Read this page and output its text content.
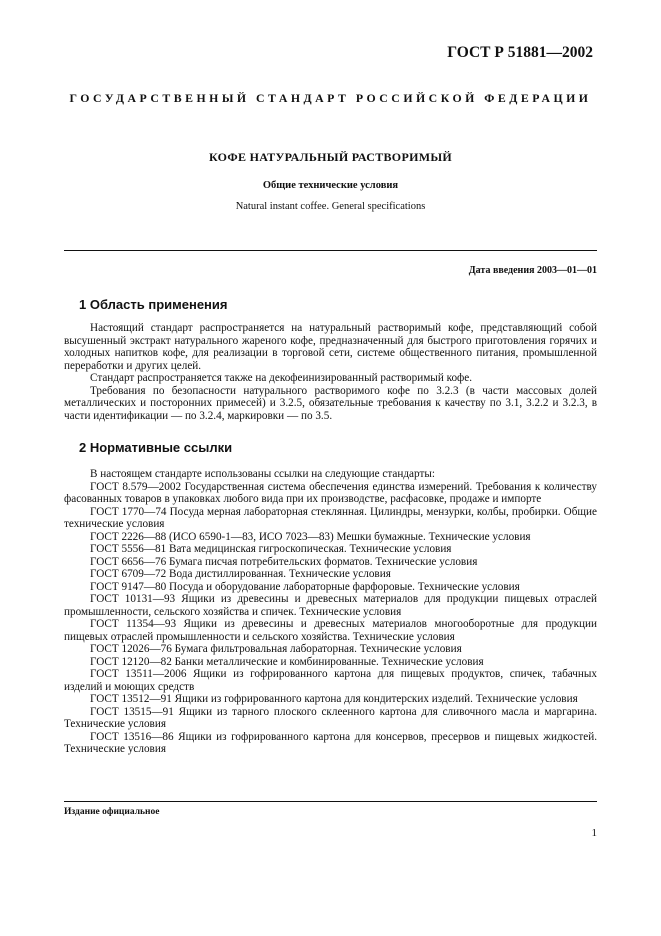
ГОСТ Р 51881—2002
ГОСУДАРСТВЕННЫЙ СТАНДАРТ РОССИЙСКОЙ ФЕДЕРАЦИИ
КОФЕ НАТУРАЛЬНЫЙ РАСТВОРИМЫЙ
Общие технические условия
Natural instant coffee. General specifications
Дата введения 2003—01—01
1 Область применения

Настоящий стандарт распространяется на натуральный растворимый кофе, представляющий собой высушенный экстракт натурального жареного кофе, предназначенный для быстрого приготовления горячих и холодных напитков кофе, для реализации в торговой сети, системе общественного питания, промышленной переработки и других целей.

Стандарт распространяется также на декофеинизированный растворимый кофе.

Требования по безопасности натурального растворимого кофе по 3.2.3 (в части массовых долей металлических и посторонних примесей) и 3.2.5, обязательные требования к качеству по 3.1, 3.2.2 и 3.2.3, в части идентификации — по 3.2.4, маркировки — по 3.5.

2 Нормативные ссылки

В настоящем стандарте использованы ссылки на следующие стандарты:

ГОСТ 8.579—2002 Государственная система обеспечения единства измерений. Требования к количеству фасованных товаров в упаковках любого вида при их производстве, расфасовке, продаже и импорте

ГОСТ 1770—74 Посуда мерная лабораторная стеклянная. Цилиндры, мензурки, колбы, пробирки. Общие технические условия

ГОСТ 2226—88 (ИСО 6590-1—83, ИСО 7023—83) Мешки бумажные. Технические условия

ГОСТ 5556—81 Вата медицинская гигроскопическая. Технические условия

ГОСТ 6656—76 Бумага писчая потребительских форматов. Технические условия

ГОСТ 6709—72 Вода дистиллированная. Технические условия

ГОСТ 9147—80 Посуда и оборудование лабораторные фарфоровые. Технические условия

ГОСТ 10131—93 Ящики из древесины и древесных материалов для продукции пищевых отраслей промышленности, сельского хозяйства и спичек. Технические условия

ГОСТ 11354—93 Ящики из древесины и древесных материалов многооборотные для продукции пищевых отраслей промышленности и сельского хозяйства. Технические условия

ГОСТ 12026—76 Бумага фильтровальная лабораторная. Технические условия

ГОСТ 12120—82 Банки металлические и комбинированные. Технические условия

ГОСТ 13511—2006 Ящики из гофрированного картона для пищевых продуктов, спичек, табачных изделий и моющих средств

ГОСТ 13512—91 Ящики из гофрированного картона для кондитерских изделий. Технические условия

ГОСТ 13515—91 Ящики из тарного плоского склеенного картона для сливочного масла и маргарина. Технические условия

ГОСТ 13516—86 Ящики из гофрированного картона для консервов, пресервов и пищевых жидкостей. Технические условия

Издание официальное
1
